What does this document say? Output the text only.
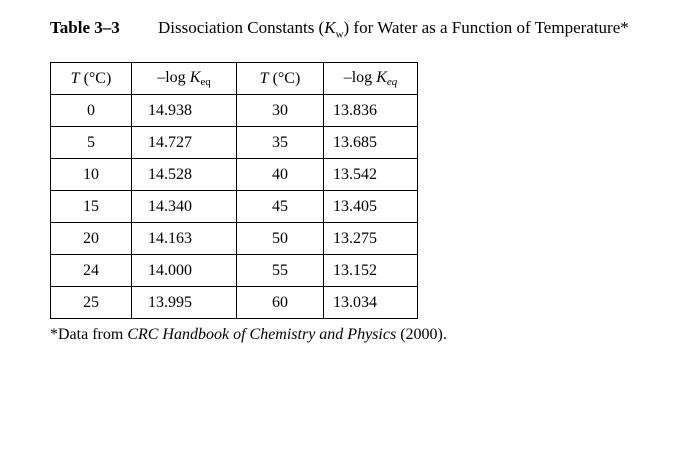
Table 3–3 Dissociation Constants $(K_w)$ for Water as a Function of Temperature*
T (°C)	–log $K_{eq}$	T (°C)	–log $K_{eq}$
0	14.938	30	13.836
5	14.727	35	13.685
10	14.528	40	13.542
15	14.340	45	13.405
20	14.163	50	13.275
24	14.000	55	13.152
25	13.995	60	13.034
*Data from CRC Handbook of Chemistry and Physics (2000).
